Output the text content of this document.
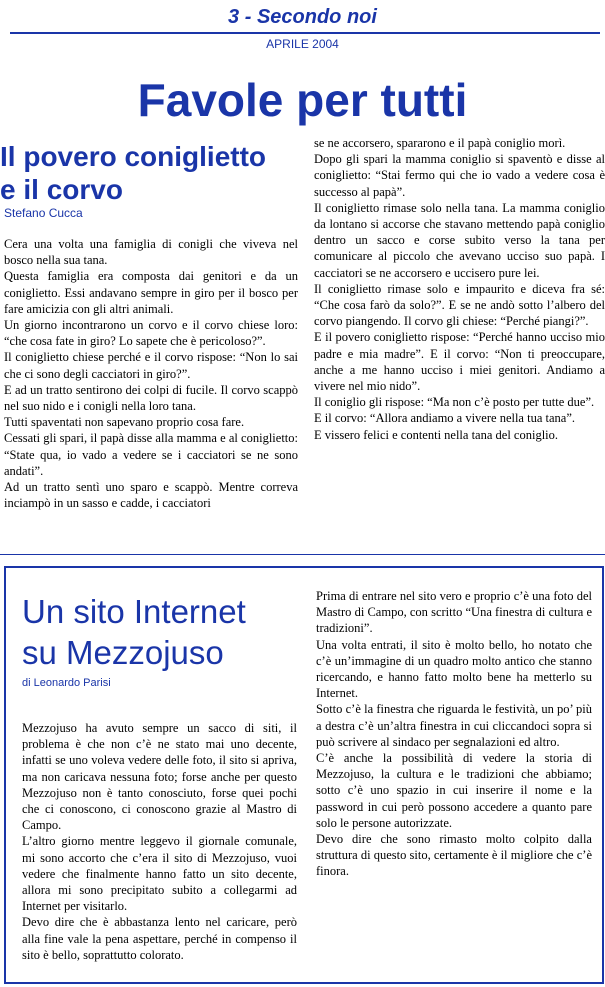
3 - Secondo noi
APRILE 2004
Favole per tutti
Il povero coniglietto
e il corvo
Stefano Cucca

Cera una volta una famiglia di conigli che viveva nel bosco nella sua tana.

Questa famiglia era composta dai genitori e da un coniglietto. Essi andavano sempre in giro per il bosco per fare amicizia con gli altri animali.

Un giorno incontrarono un corvo e il corvo chiese loro: “che cosa fate in giro? Lo sapete che è pericoloso?”.

Il coniglietto chiese perché e il corvo rispose: “Non lo sai che ci sono degli cacciatori in giro?”.

E ad un tratto sentirono dei colpi di fucile. Il corvo scappò nel suo nido e i conigli nella loro tana.

Tutti spaventati non sapevano proprio cosa fare.

Cessati gli spari, il papà disse alla mamma e al coniglietto: “State qua, io vado a vedere se i cacciatori se ne sono andati”.

Ad un tratto sentì uno sparo e scappò. Mentre correva inciampò in un sasso e cadde, i cacciatori

se ne accorsero, spararono e il papà coniglio morì.

Dopo gli spari la mamma coniglio si spaventò e disse al coniglietto: “Stai fermo qui che io vado a vedere cosa è successo al papà”.

Il coniglietto rimase solo nella tana. La mamma coniglio da lontano si accorse che stavano mettendo papà coniglio dentro un sacco e corse subito verso la tana per comunicare al piccolo che avevano ucciso suo papà. I cacciatori se ne accorsero e uccisero pure lei.

Il coniglietto rimase solo e impaurito e diceva fra sé: “Che cosa farò da solo?”. E se ne andò sotto l’albero del corvo piangendo. Il corvo gli chiese: “Perché piangi?”.

E il povero coniglietto rispose: “Perché hanno ucciso mio padre e mia madre”. E il corvo: “Non ti preoccupare, anche a me hanno ucciso i miei genitori. Andiamo a vivere nel mio nido”.

Il coniglio gli rispose: “Ma non c’è posto per tutte due”.

E il corvo: “Allora andiamo a vivere nella tua tana”.

E vissero felici e contenti nella tana del coniglio.

Un sito Internet
su Mezzojuso
di Leonardo Parisi

Mezzojuso ha avuto sempre un sacco di siti, il problema è che non c’è ne stato mai uno decente, infatti se uno voleva vedere delle foto, il sito si apriva, ma non caricava nessuna foto; forse anche per questo Mezzojuso non è tanto conosciuto, forse quei pochi che ci conoscono, ci conoscono grazie al Mastro di Campo.

L’altro giorno mentre leggevo il giornale comunale, mi sono accorto che c’era il sito di Mezzojuso, vuoi vedere che finalmente hanno fatto un sito decente, allora mi sono precipitato subito a collegarmi ad Internet per visitarlo.

Devo dire che è abbastanza lento nel caricare, però alla fine vale la pena aspettare, perché in compenso il sito è bello, soprattutto colorato.

Prima di entrare nel sito vero e proprio c’è una foto del Mastro di Campo, con scritto “Una finestra di cultura e tradizioni”.

Una volta entrati, il sito è molto bello, ho notato che c’è un’immagine di un quadro molto antico che stanno ricercando, e hanno fatto molto bene ha metterlo su Internet.

Sotto c’è la finestra che riguarda le festività, un po’ più a destra c’è un’altra finestra in cui cliccandoci sopra si può scrivere al sindaco per segnalazioni ed altro.

C’è anche la possibilità di vedere la storia di Mezzojuso, la cultura e le tradizioni che abbiamo; sotto c’è uno spazio in cui inserire il nome e la password in cui però possono accedere a quanto pare solo le persone autorizzate.

Devo dire che sono rimasto molto colpito dalla struttura di questo sito, certamente è il migliore che c’è finora.
